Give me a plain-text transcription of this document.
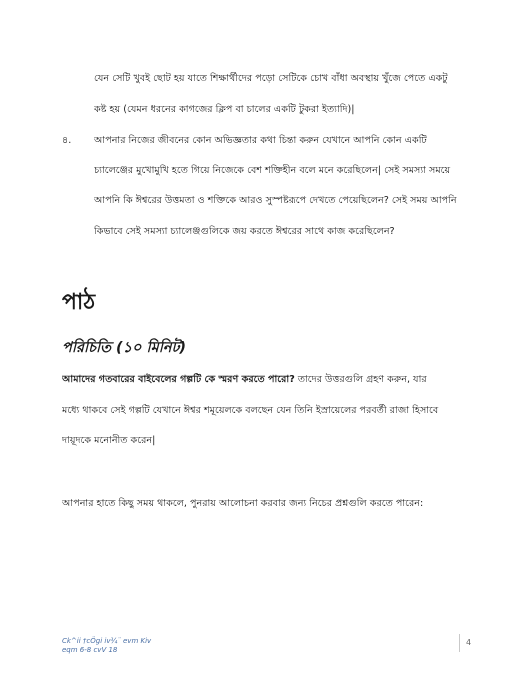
যেন সেটি খুবই ছোট হয় যাতে শিক্ষার্থীদের পড়ো সেটিকে চোখ বাঁধা অবস্থায় খুঁজে পেতে একটু
কষ্ট হয় (যেমন ধরনের কাগজের ক্লিপ বা চালের একটি টুকরা ইত্যাদি)|
৪. আপনার নিজের জীবনের কোন অভিজ্ঞতার কথা চিন্তা করুন যেখানে আপনি কোন একটি
চ্যালেঞ্জের মুখোমুখি হতে গিয়ে নিজেকে বেশ শক্তিহীন বলে মনে করেছিলেন| সেই সমস্যা সময়ে
আপনি কি ঈশ্বরের উত্তমতা ও শক্তিকে আরও সুস্পষ্টরূপে দেখতে পেয়েছিলেন? সেই সময় আপনি
কিভাবে সেই সমস্যা চ্যালেঞ্জগুলিকে জয় করতে ঈশ্বরের সাথে কাজ করেছিলেন?
পাঠ
পরিচিতি (১০ মিনিট)
আমাদের গতবারের বাইবেলের গল্পটি কে স্মরণ করতে পারো? তাদের উত্তরগুলি গ্রহণ করুন, যার
মধ্যে থাকবে সেই গল্পটি যেখানে ঈশ্বর শমূয়েলকে বলছেন যেন তিনি ইস্রায়েলের পরবর্তী রাজা হিসাবে
দায়ূদকে মনোনীত করেন|
আপনার হাতে কিছু সময় থাকলে, পুনরায় আলোচনা করবার জন্য নিচের প্রশ্নগুলি করতে পারেন:
Ck^ii †cÖgi iv¾¨ evm Kiv
eqm 6-8 cvV 18
4
